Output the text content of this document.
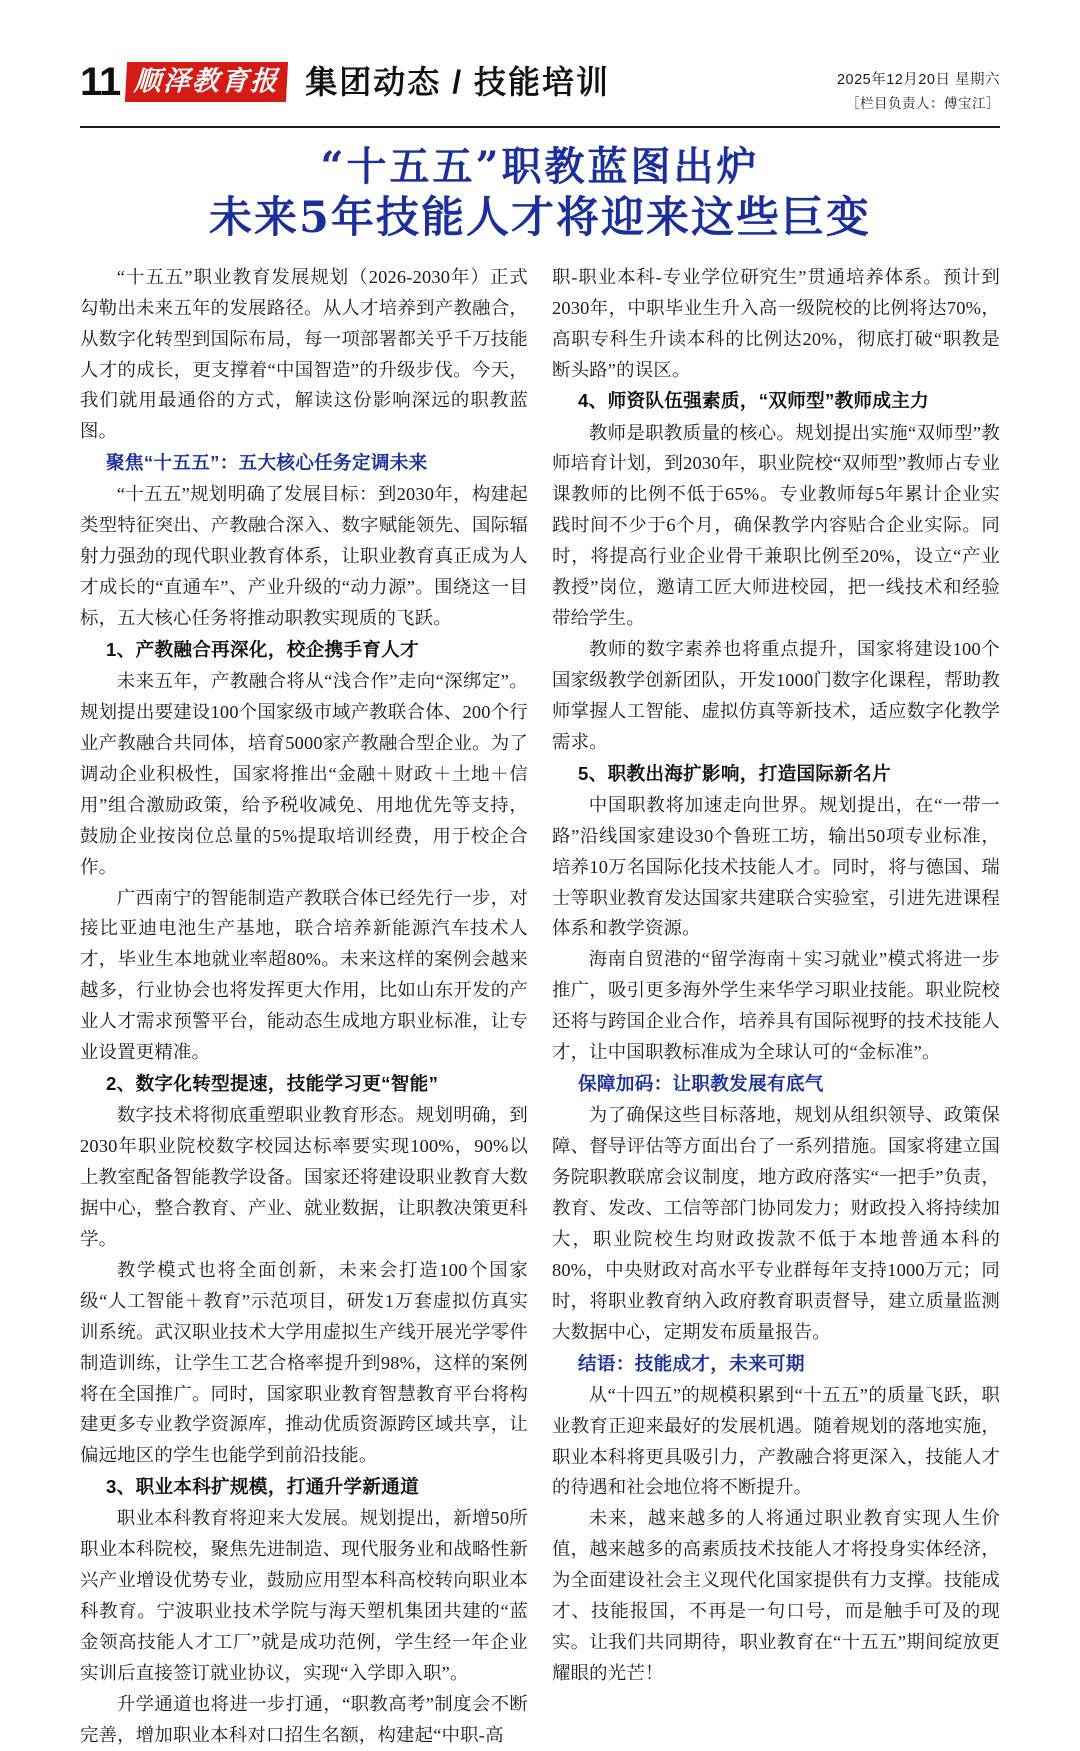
11 顺泽教育报 集团动态 / 技能培训	2025年12月20日 星期六
［栏目负责人：傅宝江］
“十五五”职教蓝图出炉
未来5年技能人才将迎来这些巨变

“十五五”职业教育发展规划（2026-2030年）正式勾勒出未来五年的发展路径。从人才培养到产教融合，从数字化转型到国际布局，每一项部署都关乎千万技能人才的成长，更支撑着“中国智造”的升级步伐。今天，我们就用最通俗的方式，解读这份影响深远的职教蓝图。

聚焦“十五五”：五大核心任务定调未来

“十五五”规划明确了发展目标：到2030年，构建起类型特征突出、产教融合深入、数字赋能领先、国际辐射力强劲的现代职业教育体系，让职业教育真正成为人才成长的“直通车”、产业升级的“动力源”。围绕这一目标，五大核心任务将推动职教实现质的飞跃。

1、产教融合再深化，校企携手育人才

未来五年，产教融合将从“浅合作”走向“深绑定”。规划提出要建设100个国家级市域产教联合体、200个行业产教融合共同体，培育5000家产教融合型企业。为了调动企业积极性，国家将推出“金融＋财政＋土地＋信用”组合激励政策，给予税收减免、用地优先等支持，鼓励企业按岗位总量的5%提取培训经费，用于校企合作。

广西南宁的智能制造产教联合体已经先行一步，对接比亚迪电池生产基地，联合培养新能源汽车技术人才，毕业生本地就业率超80%。未来这样的案例会越来越多，行业协会也将发挥更大作用，比如山东开发的产业人才需求预警平台，能动态生成地方职业标准，让专业设置更精准。

2、数字化转型提速，技能学习更“智能”

数字技术将彻底重塑职业教育形态。规划明确，到2030年职业院校数字校园达标率要实现100%，90%以上教室配备智能教学设备。国家还将建设职业教育大数据中心，整合教育、产业、就业数据，让职教决策更科学。

教学模式也将全面创新，未来会打造100个国家级“人工智能＋教育”示范项目，研发1万套虚拟仿真实训系统。武汉职业技术大学用虚拟生产线开展光学零件制造训练，让学生工艺合格率提升到98%，这样的案例将在全国推广。同时，国家职业教育智慧教育平台将构建更多专业教学资源库，推动优质资源跨区域共享，让偏远地区的学生也能学到前沿技能。

3、职业本科扩规模，打通升学新通道

职业本科教育将迎来大发展。规划提出，新增50所职业本科院校，聚焦先进制造、现代服务业和战略性新兴产业增设优势专业，鼓励应用型本科高校转向职业本科教育。宁波职业技术学院与海天塑机集团共建的“蓝金领高技能人才工厂”就是成功范例，学生经一年企业实训后直接签订就业协议，实现“入学即入职”。

升学通道也将进一步打通，“职教高考”制度会不断完善，增加职业本科对口招生名额，构建起“中职-高

职-职业本科-专业学位研究生”贯通培养体系。预计到2030年，中职毕业生升入高一级院校的比例将达70%，高职专科生升读本科的比例达20%，彻底打破“职教是断头路”的误区。

4、师资队伍强素质，“双师型”教师成主力

教师是职教质量的核心。规划提出实施“双师型”教师培育计划，到2030年，职业院校“双师型”教师占专业课教师的比例不低于65%。专业教师每5年累计企业实践时间不少于6个月，确保教学内容贴合企业实际。同时，将提高行业企业骨干兼职比例至20%，设立“产业教授”岗位，邀请工匠大师进校园，把一线技术和经验带给学生。

教师的数字素养也将重点提升，国家将建设100个国家级教学创新团队，开发1000门数字化课程，帮助教师掌握人工智能、虚拟仿真等新技术，适应数字化教学需求。

5、职教出海扩影响，打造国际新名片

中国职教将加速走向世界。规划提出，在“一带一路”沿线国家建设30个鲁班工坊，输出50项专业标准，培养10万名国际化技术技能人才。同时，将与德国、瑞士等职业教育发达国家共建联合实验室，引进先进课程体系和教学资源。

海南自贸港的“留学海南＋实习就业”模式将进一步推广，吸引更多海外学生来华学习职业技能。职业院校还将与跨国企业合作，培养具有国际视野的技术技能人才，让中国职教标准成为全球认可的“金标准”。

保障加码：让职教发展有底气

为了确保这些目标落地，规划从组织领导、政策保障、督导评估等方面出台了一系列措施。国家将建立国务院职教联席会议制度，地方政府落实“一把手”负责，教育、发改、工信等部门协同发力；财政投入将持续加大，职业院校生均财政拨款不低于本地普通本科的80%，中央财政对高水平专业群每年支持1000万元；同时，将职业教育纳入政府教育职责督导，建立质量监测大数据中心，定期发布质量报告。

结语：技能成才，未来可期

从“十四五”的规模积累到“十五五”的质量飞跃，职业教育正迎来最好的发展机遇。随着规划的落地实施，职业本科将更具吸引力，产教融合将更深入，技能人才的待遇和社会地位将不断提升。

未来，越来越多的人将通过职业教育实现人生价值，越来越多的高素质技术技能人才将投身实体经济，为全面建设社会主义现代化国家提供有力支撑。技能成才、技能报国，不再是一句口号，而是触手可及的现实。让我们共同期待，职业教育在“十五五”期间绽放更耀眼的光芒！
